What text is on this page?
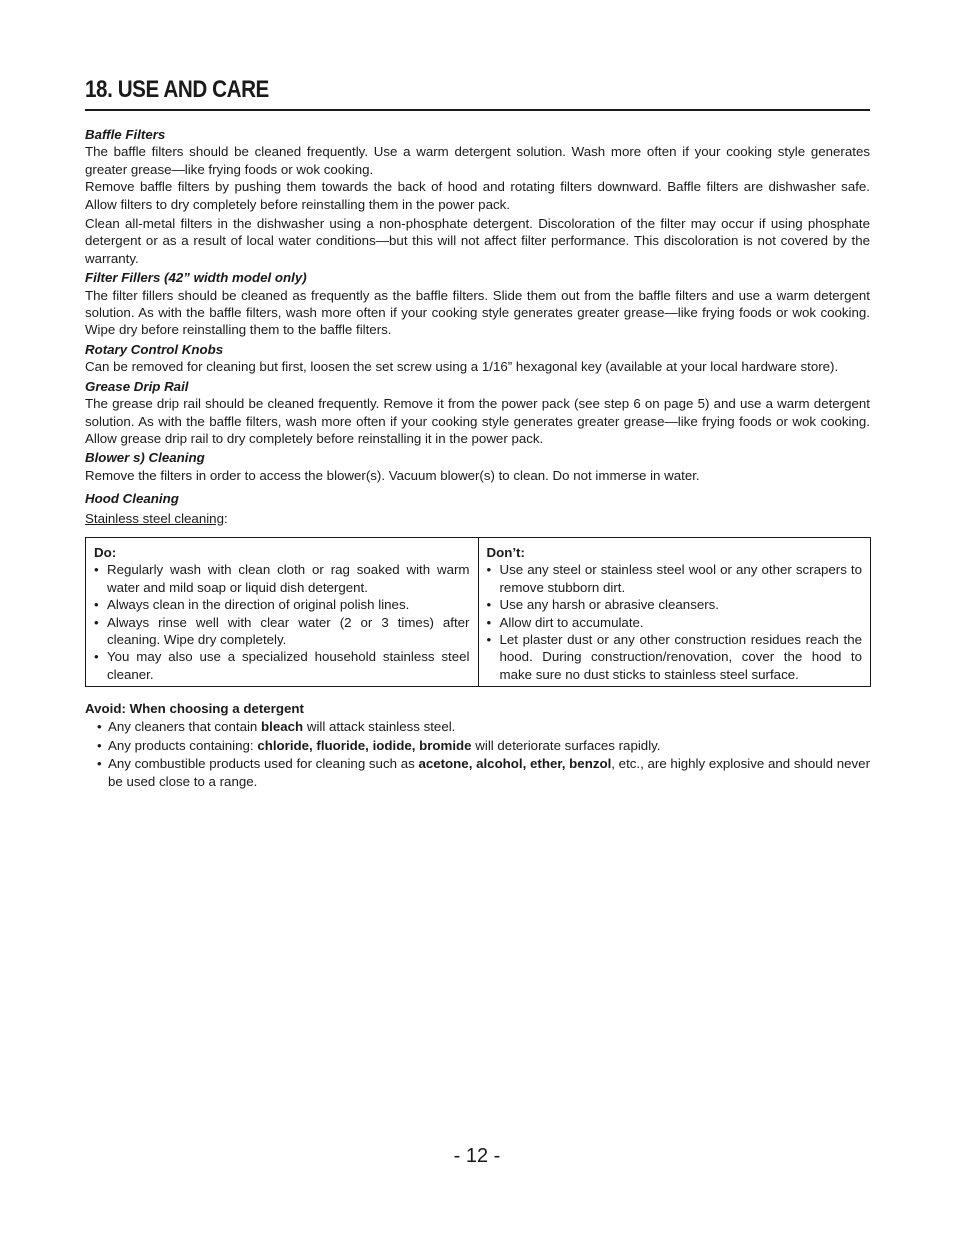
18. USE AND CARE

Baffle Filters

The baffle filters should be cleaned frequently. Use a warm detergent solution. Wash more often if your cooking style generates greater grease—like frying foods or wok cooking.

Remove baffle filters by pushing them towards the back of hood and rotating filters downward. Baffle filters are dishwasher safe. Allow filters to dry completely before reinstalling them in the power pack.

Clean all-metal filters in the dishwasher using a non-phosphate detergent. Discoloration of the filter may occur if using phosphate detergent or as a result of local water conditions—but this will not affect filter performance. This discoloration is not covered by the warranty.

Filter Fillers (42” width model only)

The filter fillers should be cleaned as frequently as the baffle filters. Slide them out from the baffle filters and use a warm detergent solution. As with the baffle filters, wash more often if your cooking style generates greater grease—like frying foods or wok cooking. Wipe dry before reinstalling them to the baffle filters.

Rotary Control Knobs

Can be removed for cleaning but first, loosen the set screw using a 1/16” hexagonal key (available at your local hardware store).

Grease Drip Rail

The grease drip rail should be cleaned frequently. Remove it from the power pack (see step 6 on page 5) and use a warm detergent solution. As with the baffle filters, wash more often if your cooking style generates greater grease—like frying foods or wok cooking. Allow grease drip rail to dry completely before reinstalling it in the power pack.

Blower s) Cleaning

Remove the filters in order to access the blower(s). Vacuum blower(s) to clean. Do not immerse in water.

Hood Cleaning

Stainless steel cleaning:

Do:

• Regularly wash with clean cloth or rag soaked with warm water and mild soap or liquid dish detergent.
• Always clean in the direction of original polish lines.
• Always rinse well with clear water (2 or 3 times) after cleaning. Wipe dry completely.
• You may also use a specialized household stainless steel cleaner.

Don’t:

• Use any steel or stainless steel wool or any other scrapers to remove stubborn dirt.
• Use any harsh or abrasive cleansers.
• Allow dirt to accumulate.
• Let plaster dust or any other construction residues reach the hood. During construction/renovation, cover the hood to make sure no dust sticks to stainless steel surface.

Avoid: When choosing a detergent

• Any cleaners that contain bleach will attack stainless steel.
• Any products containing: chloride, fluoride, iodide, bromide will deteriorate surfaces rapidly.
• Any combustible products used for cleaning such as acetone, alcohol, ether, benzol, etc., are highly explosive and should never be used close to a range.
- 12 -
